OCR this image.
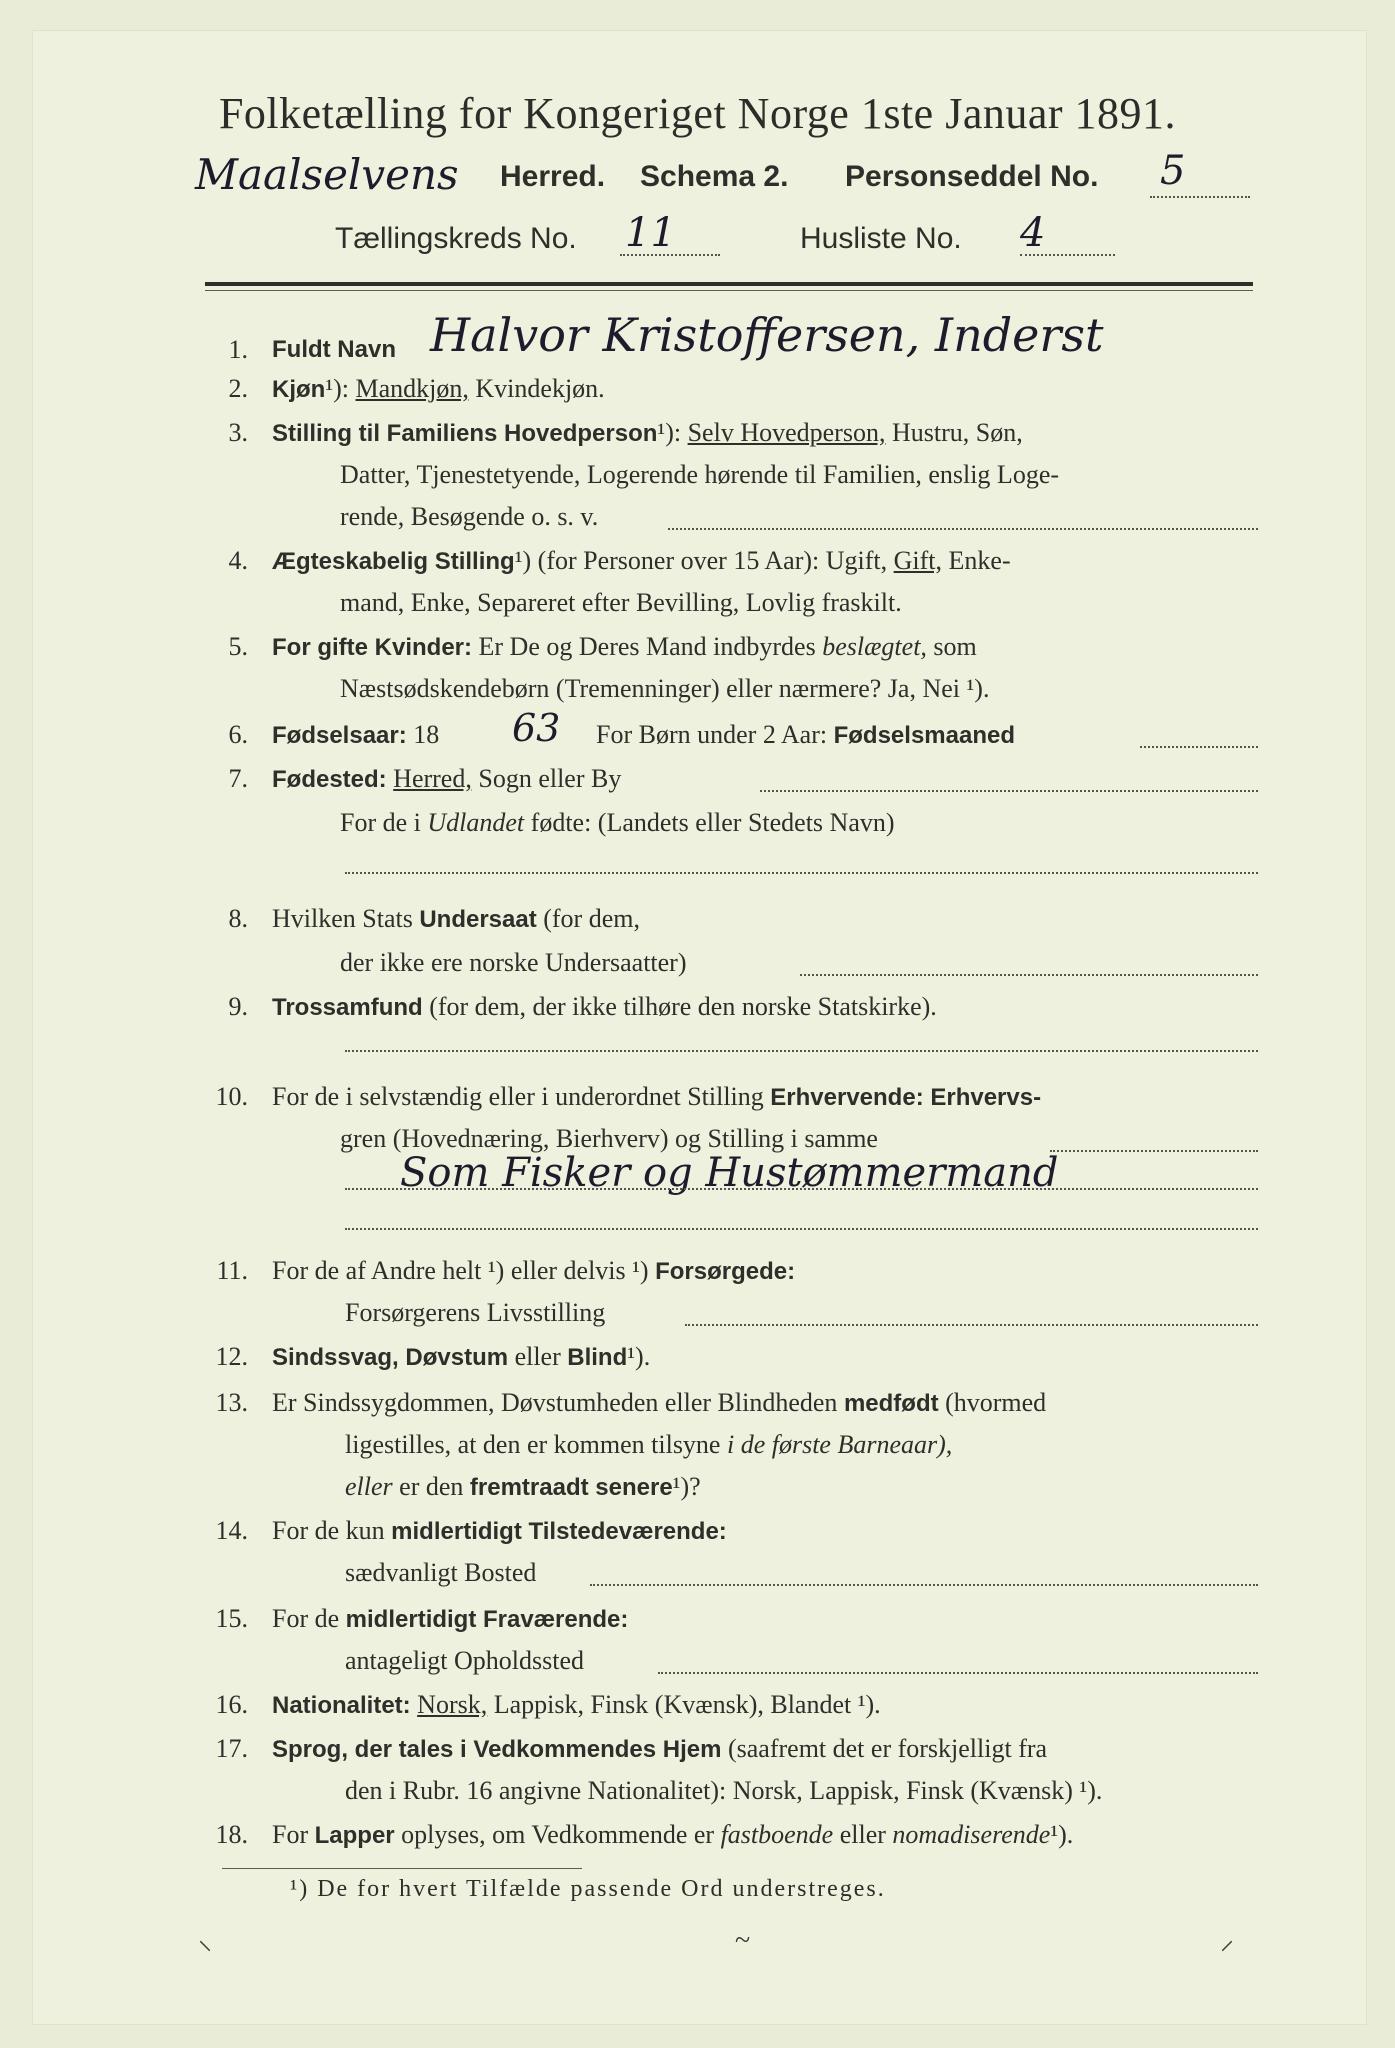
Folketælling for Kongeriget Norge 1ste Januar 1891.
Maalselvens Herred. Schema 2. Personseddel No. 5
Tællingskreds No. 11	Husliste No. 4
1. Fuldt Navn Halvor Kristoffersen, Inderst
2. Kjøn¹): Mandkjøn, Kvindekjøn.
3. Stilling til Familiens Hovedperson¹): Selv Hovedperson, Hustru, Søn,
Datter, Tjenestetyende, Logerende hørende til Familien, enslig Loge-
rende, Besøgende o. s. v.
4. Ægteskabelig Stilling¹) (for Personer over 15 Aar): Ugift, Gift, Enke-
mand, Enke, Separeret efter Bevilling, Lovlig fraskilt.
5. For gifte Kvinder: Er De og Deres Mand indbyrdes beslægtet, som
Næstsødskendebørn (Tremenninger) eller nærmere? Ja, Nei ¹).
6. Fødselsaar: 18 63 For Børn under 2 Aar: Fødselsmaaned
7. Fødested: Herred, Sogn eller By
For de i Udlandet fødte: (Landets eller Stedets Navn)
8. Hvilken Stats Undersaat (for dem,
der ikke ere norske Undersaatter)
9. Trossamfund (for dem, der ikke tilhøre den norske Statskirke).
10. For de i selvstændig eller i underordnet Stilling Erhvervende: Erhvervs-
gren (Hovednæring, Bierhverv) og Stilling i samme
Som Fisker og Hustømmermand
11. For de af Andre helt ¹) eller delvis ¹) Forsørgede:
Forsørgerens Livsstilling
12. Sindssvag, Døvstum eller Blind¹).
13. Er Sindssygdommen, Døvstumheden eller Blindheden medfødt (hvormed
ligestilles, at den er kommen tilsyne i de første Barneaar),
eller er den fremtraadt senere¹)?
14. For de kun midlertidigt Tilstedeværende:
sædvanligt Bosted
15. For de midlertidigt Fraværende:
antageligt Opholdssted
16. Nationalitet: Norsk, Lappisk, Finsk (Kvænsk), Blandet ¹).
17. Sprog, der tales i Vedkommendes Hjem (saafremt det er forskjelligt fra
den i Rubr. 16 angivne Nationalitet): Norsk, Lappisk, Finsk (Kvænsk) ¹).
18. For Lapper oplyses, om Vedkommende er fastboende eller nomadiserende¹).
¹) De for hvert Tilfælde passende Ord understreges.
⸜	~	⸝
